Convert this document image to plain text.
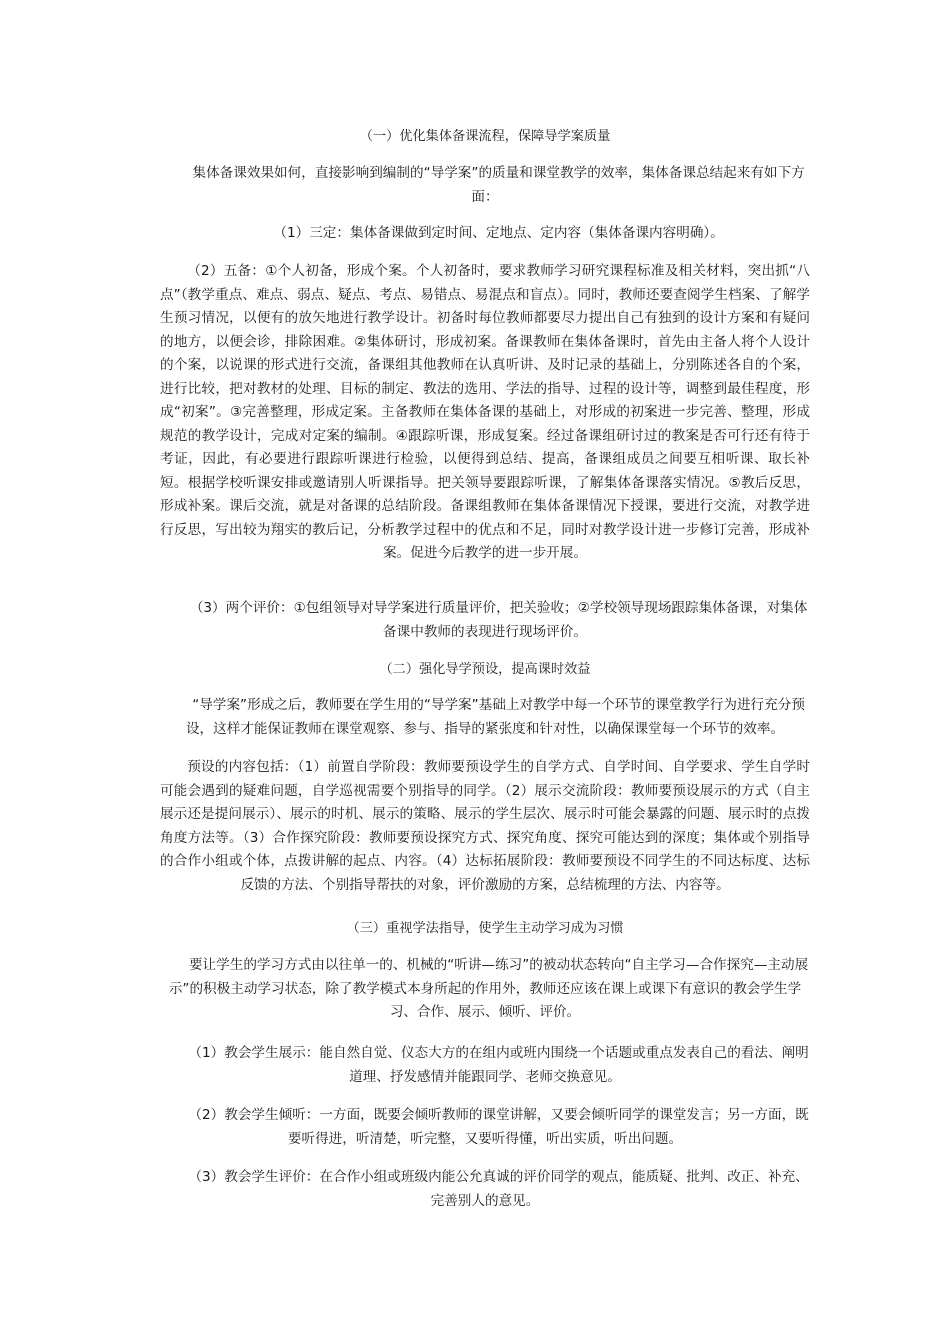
（一）优化集体备课流程，保障导学案质量

集体备课效果如何，直接影响到编制的“导学案”的质量和课堂教学的效率，集体备课总结起来有如下方面：

（1）三定：集体备课做到定时间、定地点、定内容（集体备课内容明确）。

（2）五备：①个人初备，形成个案。个人初备时，要求教师学习研究课程标准及相关材料，突出抓“八点”（教学重点、难点、弱点、疑点、考点、易错点、易混点和盲点）。同时，教师还要查阅学生档案、了解学生预习情况，以便有的放矢地进行教学设计。初备时每位教师都要尽力提出自己有独到的设计方案和有疑问的地方，以便会诊，排除困难。②集体研讨，形成初案。备课教师在集体备课时，首先由主备人将个人设计的个案，以说课的形式进行交流，备课组其他教师在认真听讲、及时记录的基础上，分别陈述各自的个案，进行比较，把对教材的处理、目标的制定、教法的选用、学法的指导、过程的设计等，调整到最佳程度，形成“初案”。③完善整理，形成定案。主备教师在集体备课的基础上，对形成的初案进一步完善、整理，形成规范的教学设计，完成对定案的编制。④跟踪听课，形成复案。经过备课组研讨过的教案是否可行还有待于考证，因此，有必要进行跟踪听课进行检验，以便得到总结、提高，备课组成员之间要互相听课、取长补短。根据学校听课安排或邀请别人听课指导。把关领导要跟踪听课，了解集体备课落实情况。⑤教后反思，形成补案。课后交流，就是对备课的总结阶段。备课组教师在集体备课情况下授课，要进行交流，对教学进行反思，写出较为翔实的教后记，分析教学过程中的优点和不足，同时对教学设计进一步修订完善，形成补案。促进今后教学的进一步开展。

（3）两个评价：①包组领导对导学案进行质量评价，把关验收；②学校领导现场跟踪集体备课，对集体备课中教师的表现进行现场评价。

（二）强化导学预设，提高课时效益

“导学案”形成之后，教师要在学生用的“导学案”基础上对教学中每一个环节的课堂教学行为进行充分预设，这样才能保证教师在课堂观察、参与、指导的紧张度和针对性，以确保课堂每一个环节的效率。

预设的内容包括：（1）前置自学阶段：教师要预设学生的自学方式、自学时间、自学要求、学生自学时可能会遇到的疑难问题，自学巡视需要个别指导的同学。（2）展示交流阶段：教师要预设展示的方式（自主展示还是提问展示）、展示的时机、展示的策略、展示的学生层次、展示时可能会暴露的问题、展示时的点拨角度方法等。（3）合作探究阶段：教师要预设探究方式、探究角度、探究可能达到的深度；集体或个别指导的合作小组或个体，点拨讲解的起点、内容。（4）达标拓展阶段：教师要预设不同学生的不同达标度、达标反馈的方法、个别指导帮扶的对象，评价激励的方案，总结梳理的方法、内容等。

（三）重视学法指导，使学生主动学习成为习惯

要让学生的学习方式由以往单一的、机械的“听讲—练习”的被动状态转向“自主学习—合作探究—主动展示”的积极主动学习状态，除了教学模式本身所起的作用外，教师还应该在课上或课下有意识的教会学生学习、合作、展示、倾听、评价。

（1）教会学生展示：能自然自觉、仪态大方的在组内或班内围绕一个话题或重点发表自己的看法、阐明道理、抒发感情并能跟同学、老师交换意见。

（2）教会学生倾听：一方面，既要会倾听教师的课堂讲解，又要会倾听同学的课堂发言；另一方面，既要听得进，听清楚，听完整，又要听得懂，听出实质，听出问题。

（3）教会学生评价：在合作小组或班级内能公允真诚的评价同学的观点，能质疑、批判、改正、补充、完善别人的意见。
